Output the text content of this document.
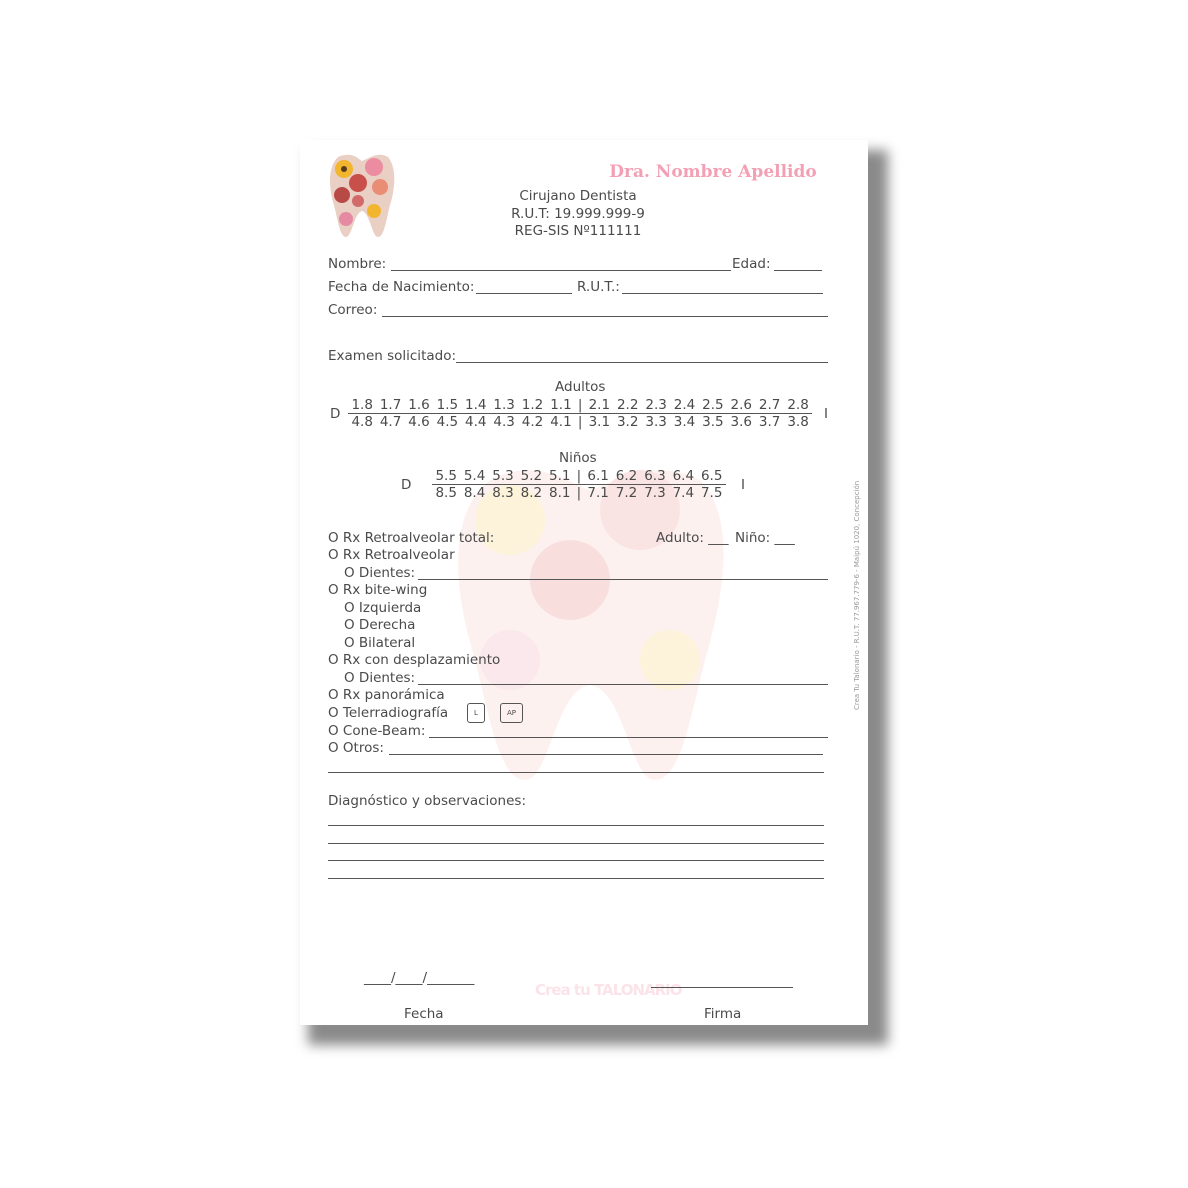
Dra. Nombre Apellido
Cirujano Dentista
R.U.T: 19.999.999-9
REG-SIS Nº111111
Nombre:	Edad:
Fecha de Nacimiento:	R.U.T.:
Correo:
Examen solicitado:
Adultos
D	I
1.8 1.7 1.6 1.5 1.4 1.3 1.2 1.1 | 2.1 2.2 2.3 2.4 2.5 2.6 2.7 2.8
4.8 4.7 4.6 4.5 4.4 4.3 4.2 4.1 | 3.1 3.2 3.3 3.4 3.5 3.6 3.7 3.8
Niños
D	I
5.5 5.4 5.3 5.2 5.1 | 6.1 6.2 6.3 6.4 6.5
8.5 8.4 8.3 8.2 8.1 | 7.1 7.2 7.3 7.4 7.5
O Rx Retroalveolar total:	Adulto: ___ Niño: ___
O Rx Retroalveolar
O Dientes:
O Rx bite-wing
O Izquierda
O Derecha
O Bilateral
O Rx con desplazamiento
O Dientes:
O Rx panorámica
O Telerradiografía	L	AP
O Cone-Beam:
O Otros:
Diagnóstico y observaciones:
____/____/_______
Fecha
Crea tu TALONARIO
Firma
Crea Tu Talonario - R.U.T. 77.967.779-6 - Maipú 1020, Concepción
